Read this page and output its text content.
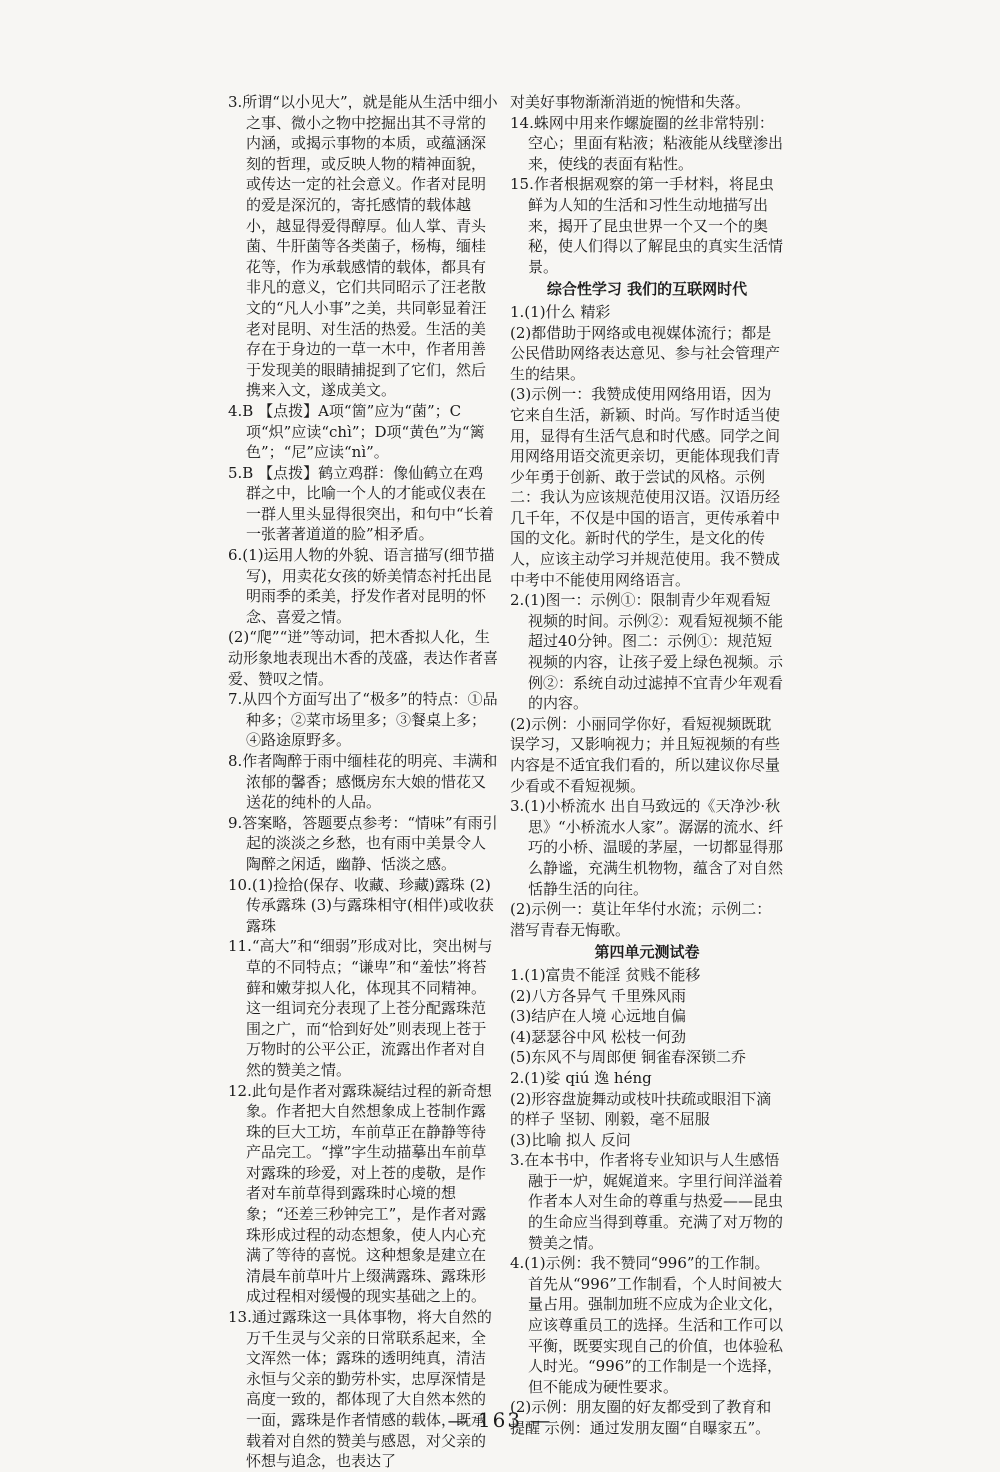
3.所谓“以小见大”，就是能从生活中细小之事、微小之物中挖掘出其不寻常的内涵，或揭示事物的本质，或蕴涵深刻的哲理，或反映人物的精神面貌，或传达一定的社会意义。作者对昆明的爱是深沉的，寄托感情的载体越小，越显得爱得醇厚。仙人掌、青头菌、牛肝菌等各类菌子，杨梅，缅桂花等，作为承载感情的载体，都具有非凡的意义，它们共同昭示了汪老散文的“凡人小事”之美，共同彰显着汪老对昆明、对生活的热爱。生活的美存在于身边的一草一木中，作者用善于发现美的眼睛捕捉到了它们，然后携来入文，遂成美文。

4.B 【点拨】A项“箇”应为“菌”；C项“炽”应读“chì”；D项“黄色”为“篱色”；“尼”应读“nì”。

5.B 【点拨】鹤立鸡群：像仙鹤立在鸡群之中，比喻一个人的才能或仪表在一群人里头显得很突出，和句中“长着一张著著道道的脸”相矛盾。

6.(1)运用人物的外貌、语言描写(细节描写)，用卖花女孩的娇美情态衬托出昆明雨季的柔美，抒发作者对昆明的怀念、喜爱之情。

(2)“爬”“迸”等动词，把木香拟人化，生动形象地表现出木香的茂盛，表达作者喜爱、赞叹之情。

7.从四个方面写出了“极多”的特点：①品种多；②菜市场里多；③餐桌上多；④路途原野多。

8.作者陶醉于雨中缅桂花的明亮、丰满和浓郁的馨香；感慨房东大娘的惜花又送花的纯朴的人品。

9.答案略，答题要点参考：“情味”有雨引起的淡淡之乡愁，也有雨中美景令人陶醉之闲适，幽静、恬淡之感。

10.(1)捡拾(保存、收藏、珍藏)露珠 (2)传承露珠 (3)与露珠相守(相伴)或收获露珠

11.“高大”和“细弱”形成对比，突出树与草的不同特点；“谦卑”和“羞怯”将苔藓和嫩芽拟人化，体现其不同精神。这一组词充分表现了上苍分配露珠范围之广，而“恰到好处”则表现上苍于万物时的公平公正，流露出作者对自然的赞美之情。

12.此句是作者对露珠凝结过程的新奇想象。作者把大自然想象成上苍制作露珠的巨大工坊，车前草正在静静等待产品完工。“撑”字生动描摹出车前草对露珠的珍爱，对上苍的虔敬，是作者对车前草得到露珠时心境的想象；“还差三秒钟完工”，是作者对露珠形成过程的动态想象，使人内心充满了等待的喜悦。这种想象是建立在清晨车前草叶片上缀满露珠、露珠形成过程相对缓慢的现实基础之上的。

13.通过露珠这一具体事物，将大自然的万千生灵与父亲的日常联系起来，全文浑然一体；露珠的透明纯真，清洁永恒与父亲的勤劳朴实，忠厚深情是高度一致的，都体现了大自然本然的一面，露珠是作者情感的载体，既承载着对自然的赞美与感恩，对父亲的怀想与追念，也表达了

对美好事物渐渐消逝的惋惜和失落。

14.蛛网中用来作螺旋圈的丝非常特别：空心；里面有粘液；粘液能从线壁渗出来，使线的表面有粘性。

15.作者根据观察的第一手材料，将昆虫鲜为人知的生活和习性生动地描写出来，揭开了昆虫世界一个又一个的奥秘，使人们得以了解昆虫的真实生活情景。

综合性学习 我们的互联网时代

1.(1)什么 精彩

(2)都借助于网络或电视媒体流行；都是公民借助网络表达意见、参与社会管理产生的结果。

(3)示例一：我赞成使用网络用语，因为它来自生活，新颖、时尚。写作时适当使用，显得有生活气息和时代感。同学之间用网络用语交流更亲切，更能体现我们青少年勇于创新、敢于尝试的风格。示例二：我认为应该规范使用汉语。汉语历经几千年，不仅是中国的语言，更传承着中国的文化。新时代的学生，是文化的传人，应该主动学习并规范使用。我不赞成中考中不能使用网络语言。

2.(1)图一：示例①：限制青少年观看短视频的时间。示例②：观看短视频不能超过40分钟。图二：示例①：规范短视频的内容，让孩子爱上绿色视频。示例②：系统自动过滤掉不宜青少年观看的内容。

(2)示例：小丽同学你好，看短视频既耽误学习，又影响视力；并且短视频的有些内容是不适宜我们看的，所以建议你尽量少看或不看短视频。

3.(1)小桥流水 出自马致远的《天净沙·秋思》“小桥流水人家”。潺潺的流水、纤巧的小桥、温暖的茅屋，一切都显得那么静谧，充满生机物物，蕴含了对自然恬静生活的向往。

(2)示例一：莫让年华付水流；示例二：潜写青春无悔歌。

第四单元测试卷

1.(1)富贵不能淫 贫贱不能移

(2)八方各异气 千里殊风雨

(3)结庐在人境 心远地自偏

(4)瑟瑟谷中风 松枝一何劲

(5)东风不与周郎便 铜雀春深锁二乔

2.(1)娑 qiú 逸 héng

(2)形容盘旋舞动或枝叶扶疏或眼泪下滴的样子 坚韧、刚毅，毫不屈服

(3)比喻 拟人 反问

3.在本书中，作者将专业知识与人生感悟融于一炉，娓娓道来。字里行间洋溢着作者本人对生命的尊重与热爱——昆虫的生命应当得到尊重。充满了对万物的赞美之情。

4.(1)示例：我不赞同“996”的工作制。首先从“996”工作制看，个人时间被大量占用。强制加班不应成为企业文化，应该尊重员工的选择。生活和工作可以平衡，既要实现自己的价值，也体验私人时光。“996”的工作制是一个选择，但不能成为硬性要求。

(2)示例：朋友圈的好友都受到了教育和提醒 示例：通过发朋友圈“自曝家五”。

— 163 —
